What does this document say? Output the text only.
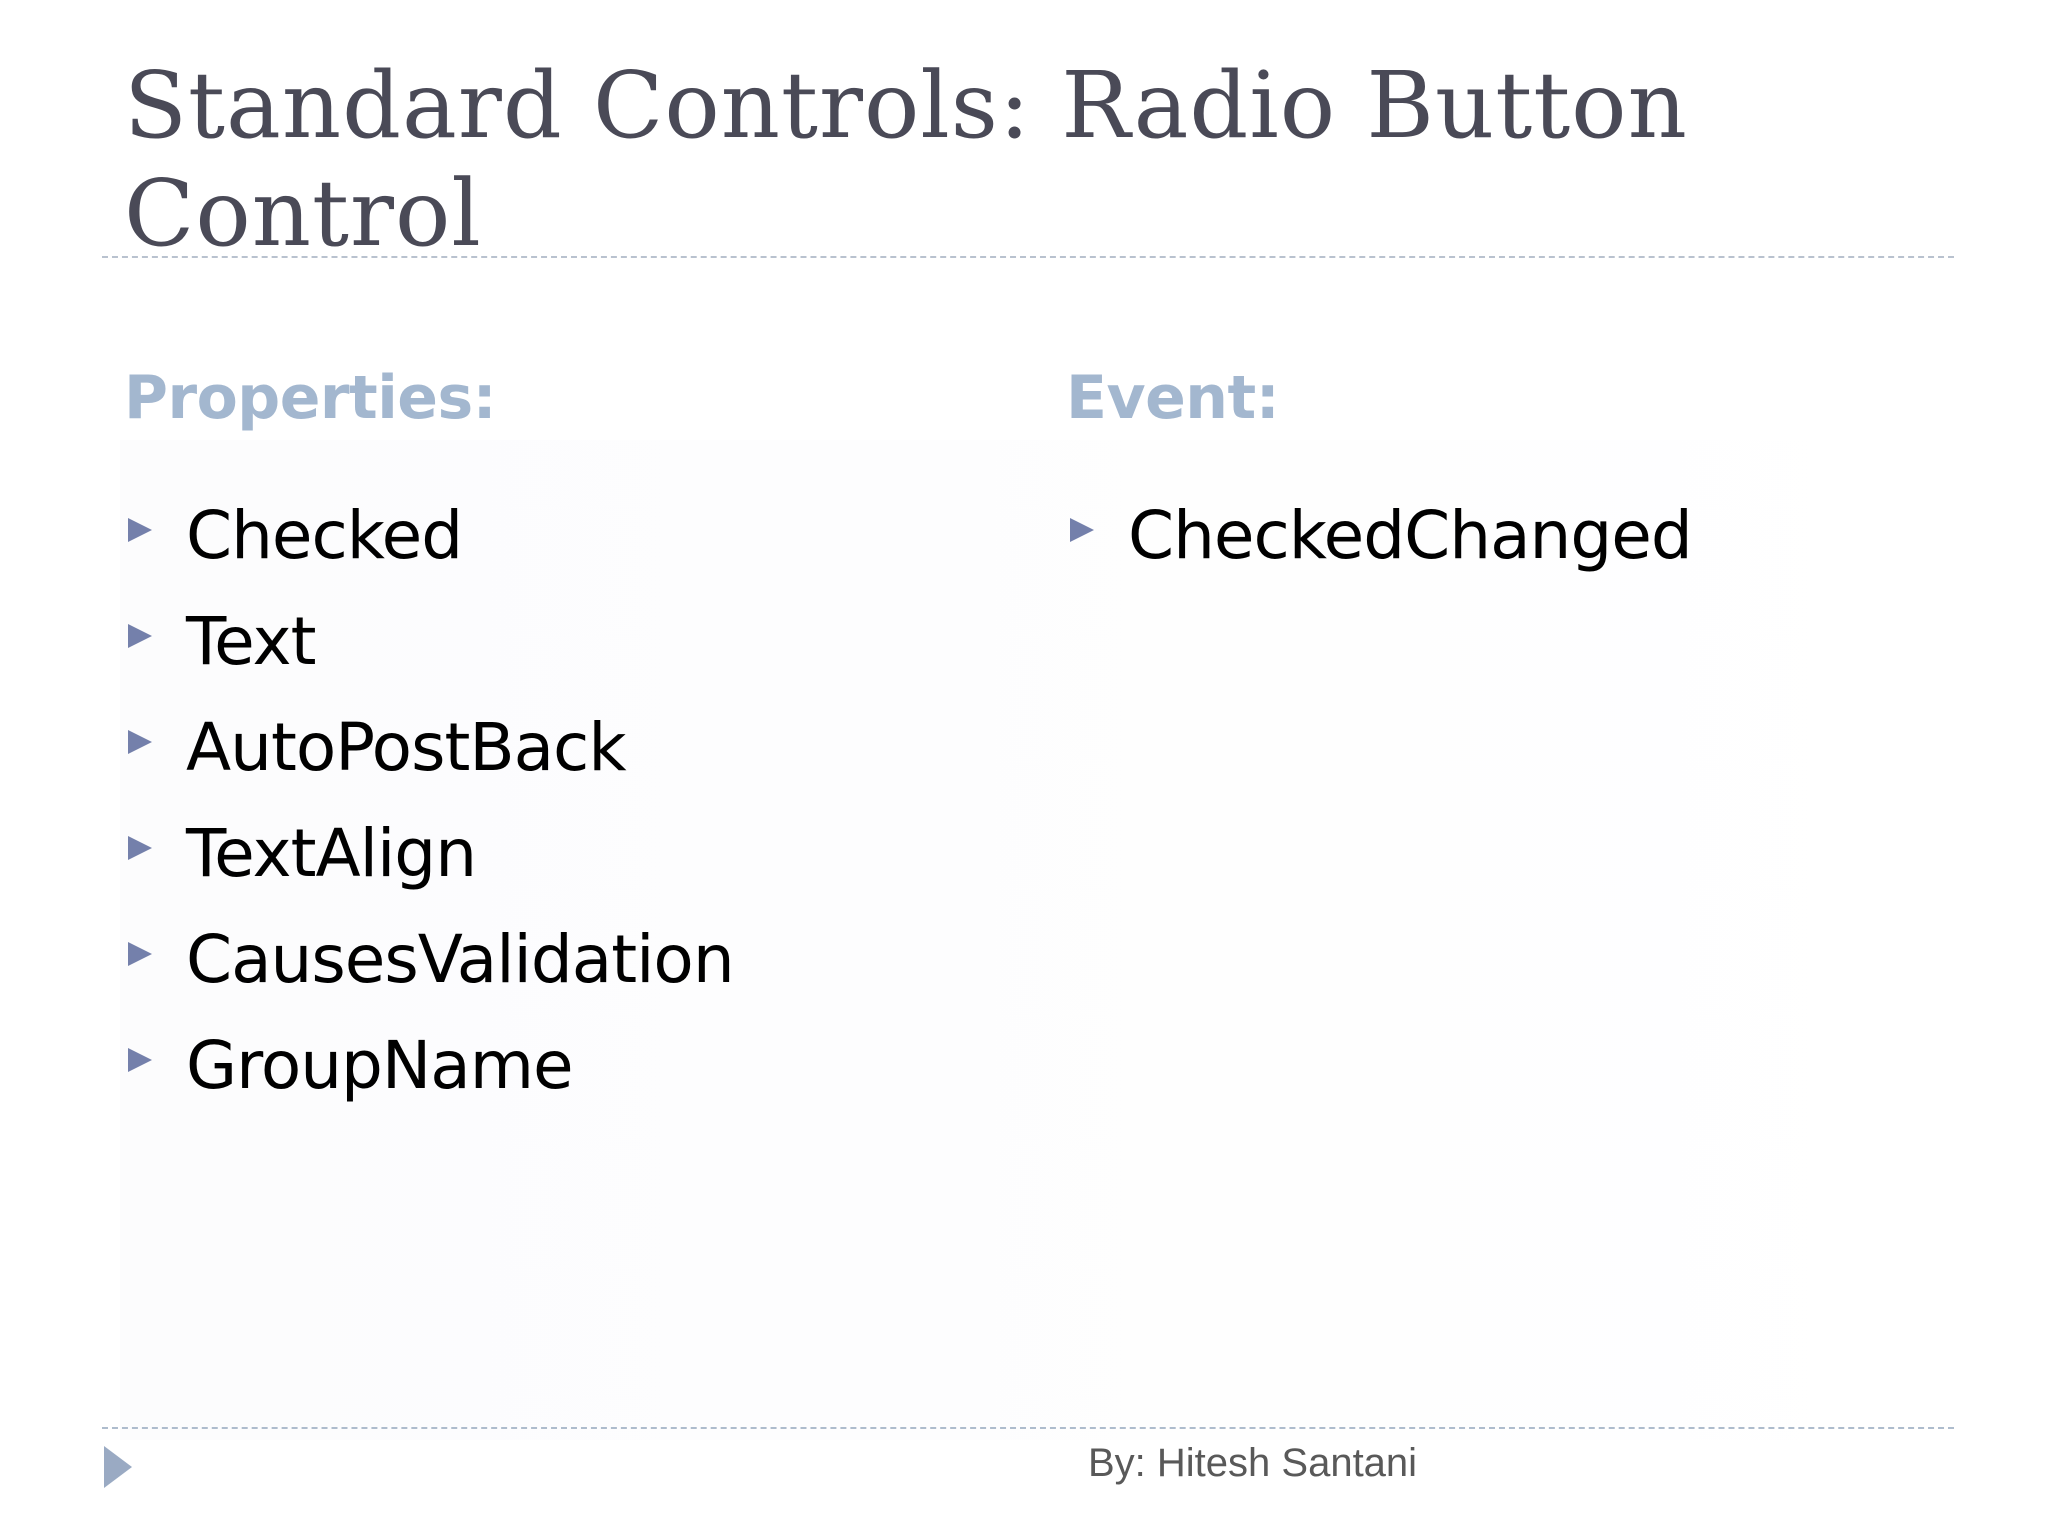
Standard Controls: Radio Button Control
Properties:
Checked
Text
AutoPostBack
TextAlign
CausesValidation
GroupName
Event:
CheckedChanged
By: Hitesh Santani
